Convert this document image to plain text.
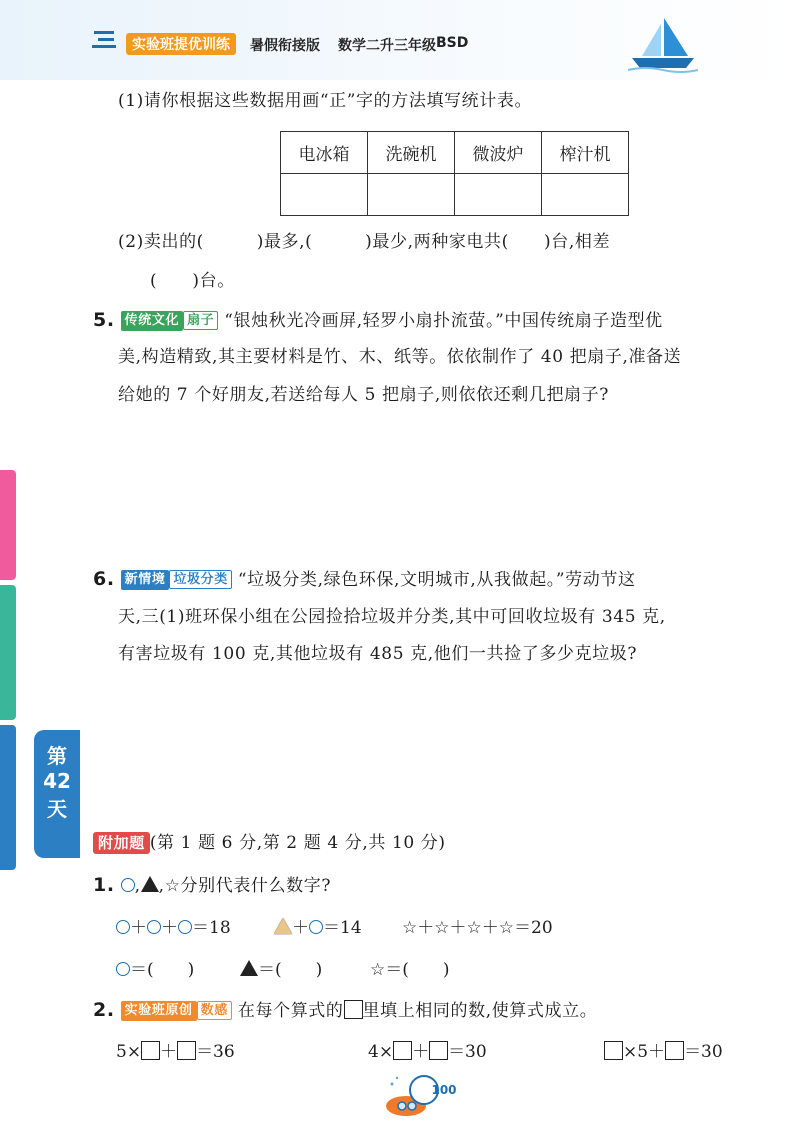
实验班提优训练	暑假衔接版 数学二升三年级 BSD
第
42
天
(1)请你根据这些数据用画“正”字的方法填写统计表。
电冰箱	洗碗机	微波炉	榨汁机

(2)卖出的(　　　)最多,(　　　)最少,两种家电共(　　)台,相差
(　　)台。
5. 传统文化 扇子 “银烛秋光冷画屏,轻罗小扇扑流萤。”中国传统扇子造型优
美,构造精致,其主要材料是竹、木、纸等。依依制作了 40 把扇子,准备送
给她的 7 个好朋友,若送给每人 5 把扇子,则依依还剩几把扇子?
6. 新情境 垃圾分类 “垃圾分类,绿色环保,文明城市,从我做起。”劳动节这
天,三(1)班环保小组在公园捡拾垃圾并分类,其中可回收垃圾有 345 克,
有害垃圾有 100 克,其他垃圾有 485 克,他们一共捡了多少克垃圾?
附加题 (第 1 题 6 分,第 2 题 4 分,共 10 分)
1. , ,☆分别代表什么数字?
＋ ＋ ＝18	＋ ＝14 ☆＋☆＋☆＋☆＝20
＝(　　)	＝(　　)	☆＝(　　)
2. 实验班原创 数感 在每个算式的 里填上相同的数,使算式成立。
5× ＋ ＝36	4× ＋ ＝30	×5＋ ＝30
100
